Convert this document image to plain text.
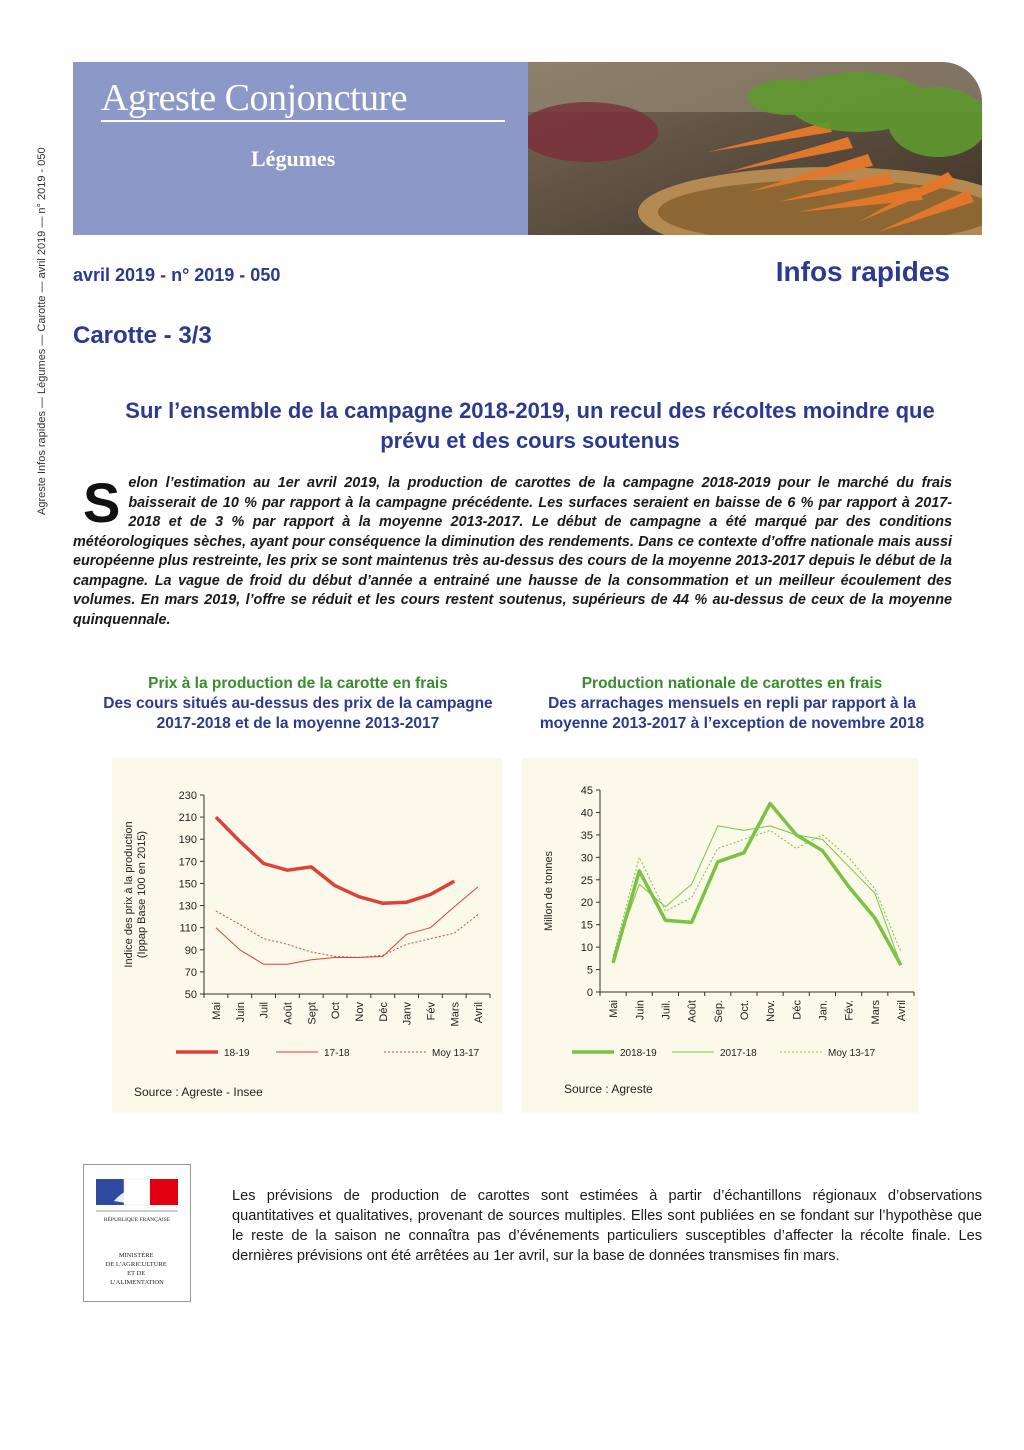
Agreste Infos rapides — Légumes — Carotte — avril 2019 — n° 2019 - 050
Agreste Conjoncture
Légumes
avril 2019 - n° 2019 - 050	Infos rapides
Carotte - 3/3
Sur l’ensemble de la campagne 2018-2019, un recul des récoltes moindre que prévu et des cours soutenus
Selon l’estimation au 1er avril 2019, la production de carottes de la campagne 2018-2019 pour le marché du frais baisserait de 10 % par rapport à la campagne précédente. Les surfaces seraient en baisse de 6 % par rapport à 2017-2018 et de 3 % par rapport à la moyenne 2013-2017. Le début de campagne a été marqué par des conditions météorologiques sèches, ayant pour conséquence la diminution des rendements. Dans ce contexte d’offre nationale mais aussi européenne plus restreinte, les prix se sont maintenus très au-dessus des cours de la moyenne 2013-2017 depuis le début de la campagne. La vague de froid du début d’année a entrainé une hausse de la consommation et un meilleur écoulement des volumes. En mars 2019, l’offre se réduit et les cours restent soutenus, supérieurs de 44 % au-dessus de ceux de la moyenne quinquennale.
Prix à la production de la carotte en frais
Des cours situés au-dessus des prix de la campagne 2017-2018 et de la moyenne 2013-2017
Production nationale de carottes en frais
Des arrachages mensuels en repli par rapport à la moyenne 2013-2017 à l’exception de novembre 2018
50
70
90
110
130
150
170
190
210
230
Mai Juin Juil Août Sept Oct Nov Déc Janv Fév Mars Avril
Indice des prix à la production (Ippap Base 100 en 2015)
18-19	17-18	Moy 13-17
Source : Agreste - Insee
0
5
10
15
20
25
30
35
40
45
Mai Juin Juil. Août Sep. Oct. Nov. Déc Jan. Fév. Mars Avril
Millon de tonnes
2018-19	2017-18	Moy 13-17
Source : Agreste
RÉPUBLIQUE FRANÇAISE
MINISTÈRE DE L’AGRICULTURE ET DE L’ALIMENTATION
Les prévisions de production de carottes sont estimées à partir d’échantillons régionaux d’observations quantitatives et qualitatives, provenant de sources multiples. Elles sont publiées en se fondant sur l’hypothèse que le reste de la saison ne connaîtra pas d’événements particuliers susceptibles d’affecter la récolte finale. Les dernières prévisions ont été arrêtées au 1er avril, sur la base de données transmises fin mars.
